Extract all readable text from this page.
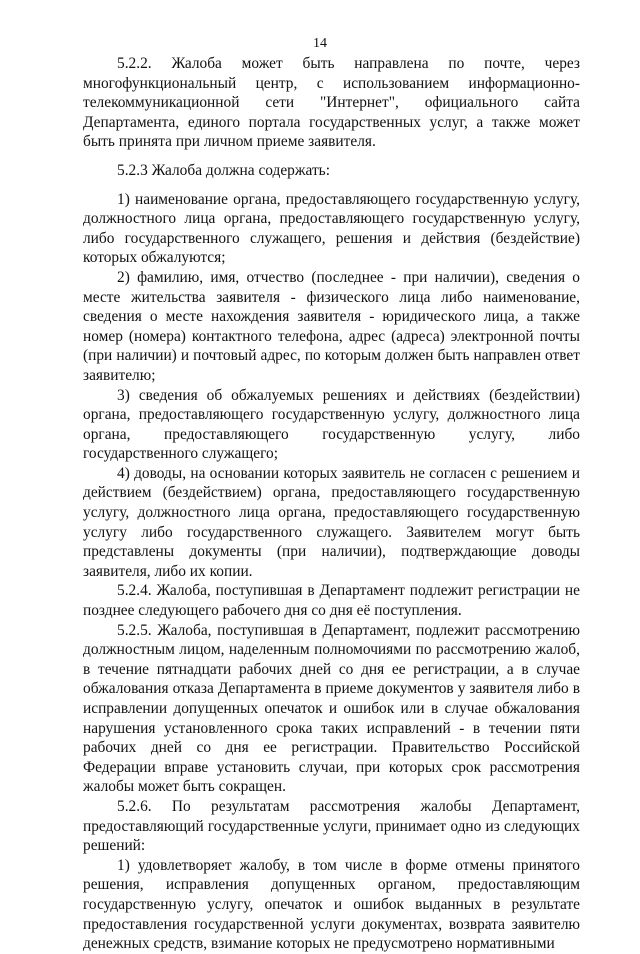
14

5.2.2. Жалоба может быть направлена по почте, через многофункциональный центр, с использованием информационно-телекоммуникационной сети "Интернет", официального сайта Департамента, единого портала государственных услуг, а также может быть принята при личном приеме заявителя.

5.2.3 Жалоба должна содержать:

1) наименование органа, предоставляющего государственную услугу, должностного лица органа, предоставляющего государственную услугу, либо государственного служащего, решения и действия (бездействие) которых обжалуются;

2) фамилию, имя, отчество (последнее - при наличии), сведения о месте жительства заявителя - физического лица либо наименование, сведения о месте нахождения заявителя - юридического лица, а также номер (номера) контактного телефона, адрес (адреса) электронной почты (при наличии) и почтовый адрес, по которым должен быть направлен ответ заявителю;

3) сведения об обжалуемых решениях и действиях (бездействии) органа, предоставляющего государственную услугу, должностного лица органа, предоставляющего государственную услугу, либо государственного служащего;

4) доводы, на основании которых заявитель не согласен с решением и действием (бездействием) органа, предоставляющего государственную услугу, должностного лица органа, предоставляющего государственную услугу либо государственного служащего. Заявителем могут быть представлены документы (при наличии), подтверждающие доводы заявителя, либо их копии.

5.2.4. Жалоба, поступившая в Департамент подлежит регистрации не позднее следующего рабочего дня со дня её поступления.

5.2.5. Жалоба, поступившая в Департамент, подлежит рассмотрению должностным лицом, наделенным полномочиями по рассмотрению жалоб, в течение пятнадцати рабочих дней со дня ее регистрации, а в случае обжалования отказа Департамента в приеме документов у заявителя либо в исправлении допущенных опечаток и ошибок или в случае обжалования нарушения установленного срока таких исправлений - в течении пяти рабочих дней со дня ее регистрации. Правительство Российской Федерации вправе установить случаи, при которых срок рассмотрения жалобы может быть сокращен.

5.2.6. По результатам рассмотрения жалобы Департамент, предоставляющий государственные услуги, принимает одно из следующих решений:

1) удовлетворяет жалобу, в том числе в форме отмены принятого решения, исправления допущенных органом, предоставляющим государственную услугу, опечаток и ошибок выданных в результате предоставления государственной услуги документах, возврата заявителю денежных средств, взимание которых не предусмотрено нормативными
